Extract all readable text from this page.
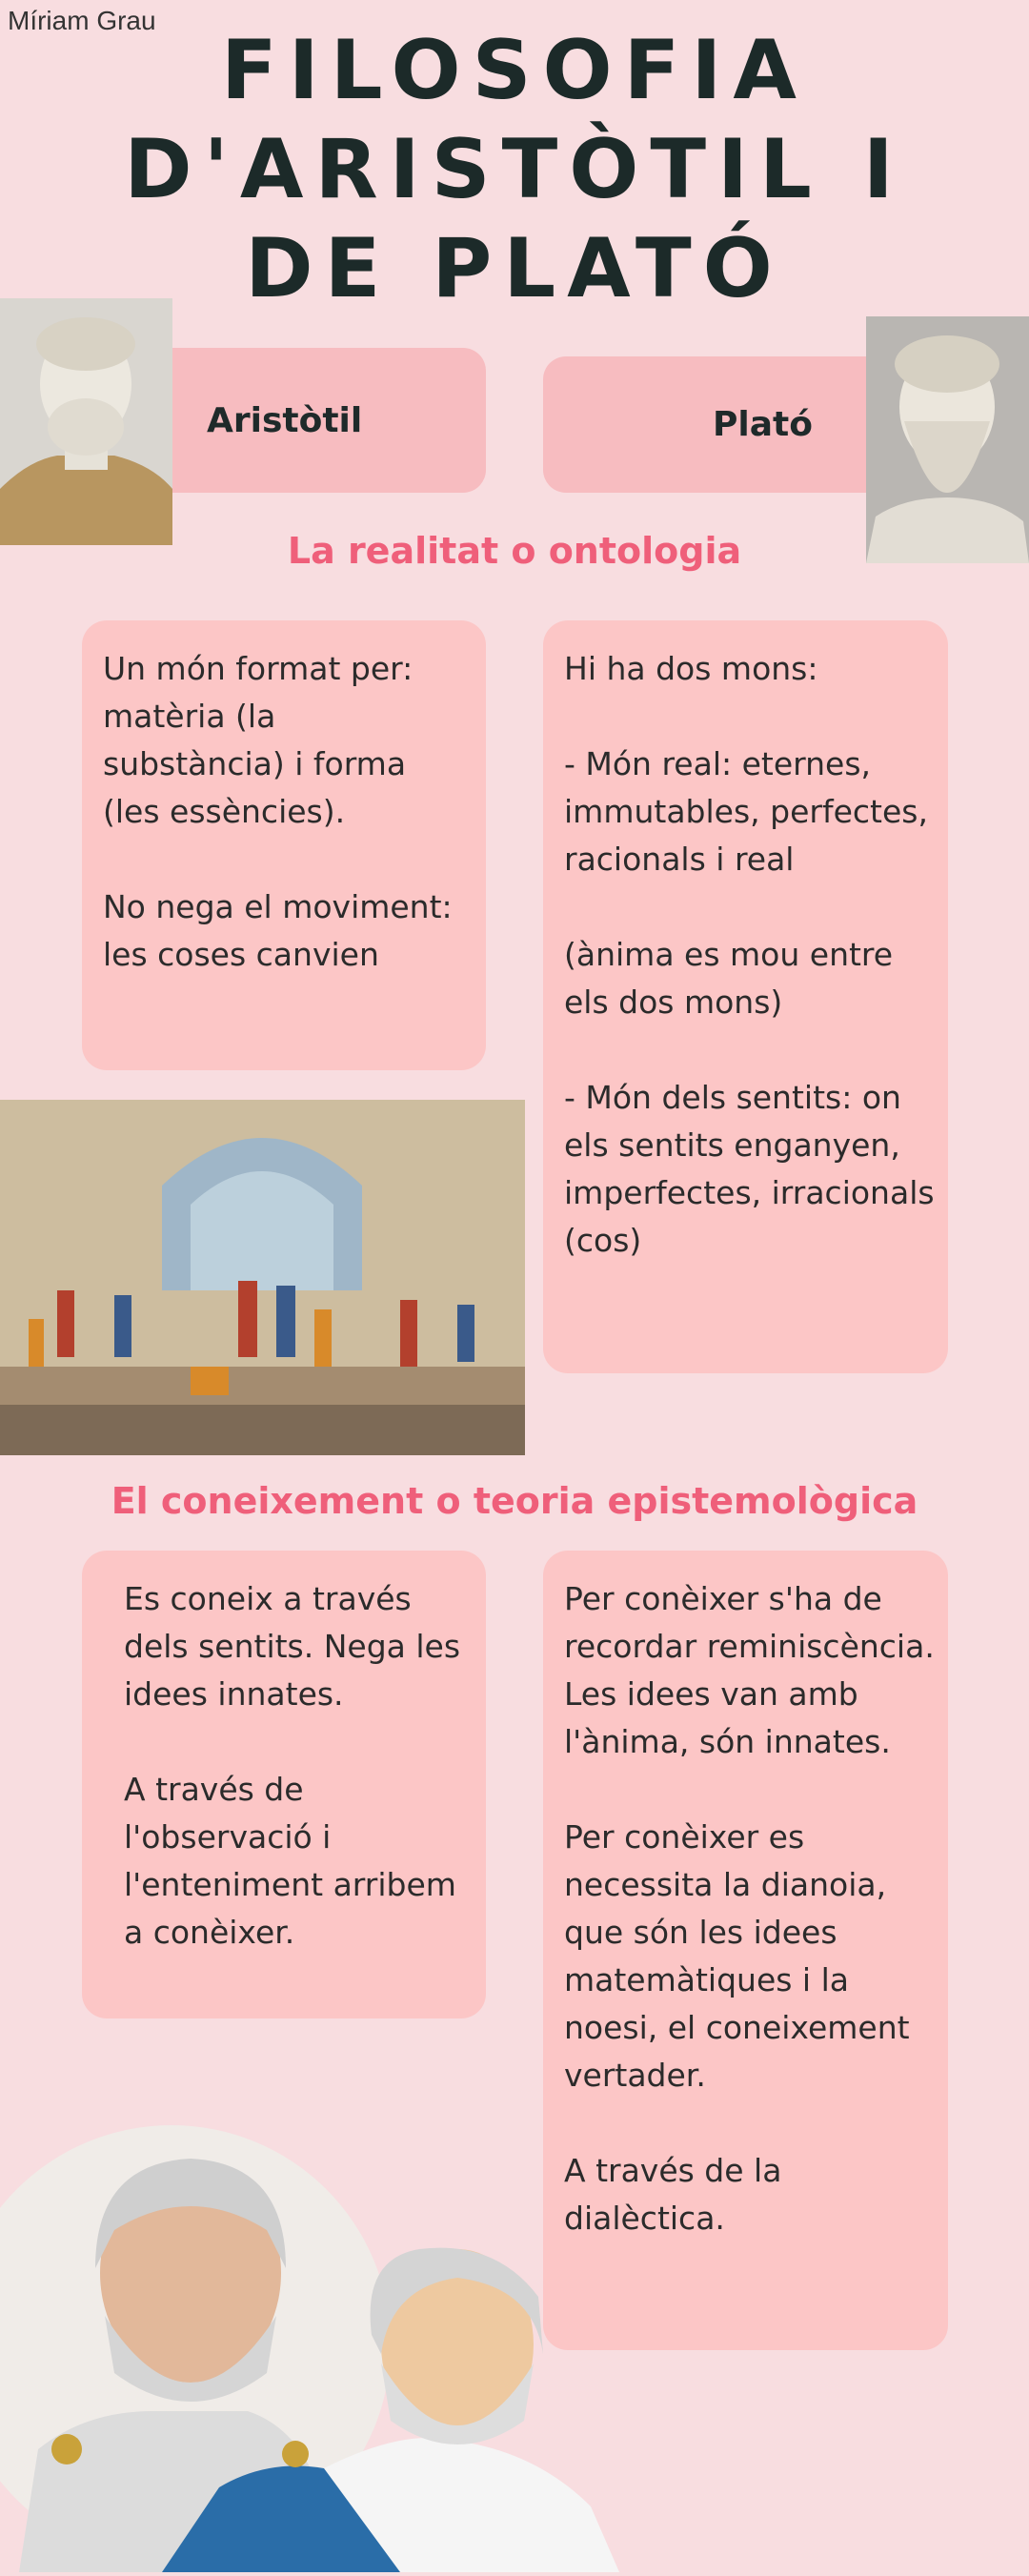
Míriam Grau
FILOSOFIA
D'ARISTÒTIL I
DE PLATÓ
Aristòtil	Plató
La realitat o ontologia
Un món format per: matèria (la substància) i forma (les essències).

No nega el moviment: les coses canvien
Hi ha dos mons:

- Món real: eternes, immutables, perfectes, racionals i real

(ànima es mou entre els dos mons)

- Món dels sentits: on els sentits enganyen, imperfectes, irracionals (cos)
El coneixement o teoria epistemològica
Es coneix a través dels sentits. Nega les idees innates.

A través de l'observació i l'enteniment arribem a conèixer.
Per conèixer s'ha de recordar reminiscència. Les idees van amb l'ànima, són innates.

Per conèixer es necessita la dianoia, que són les idees matemàtiques i la noesi, el coneixement vertader.

A través de la dialèctica.
